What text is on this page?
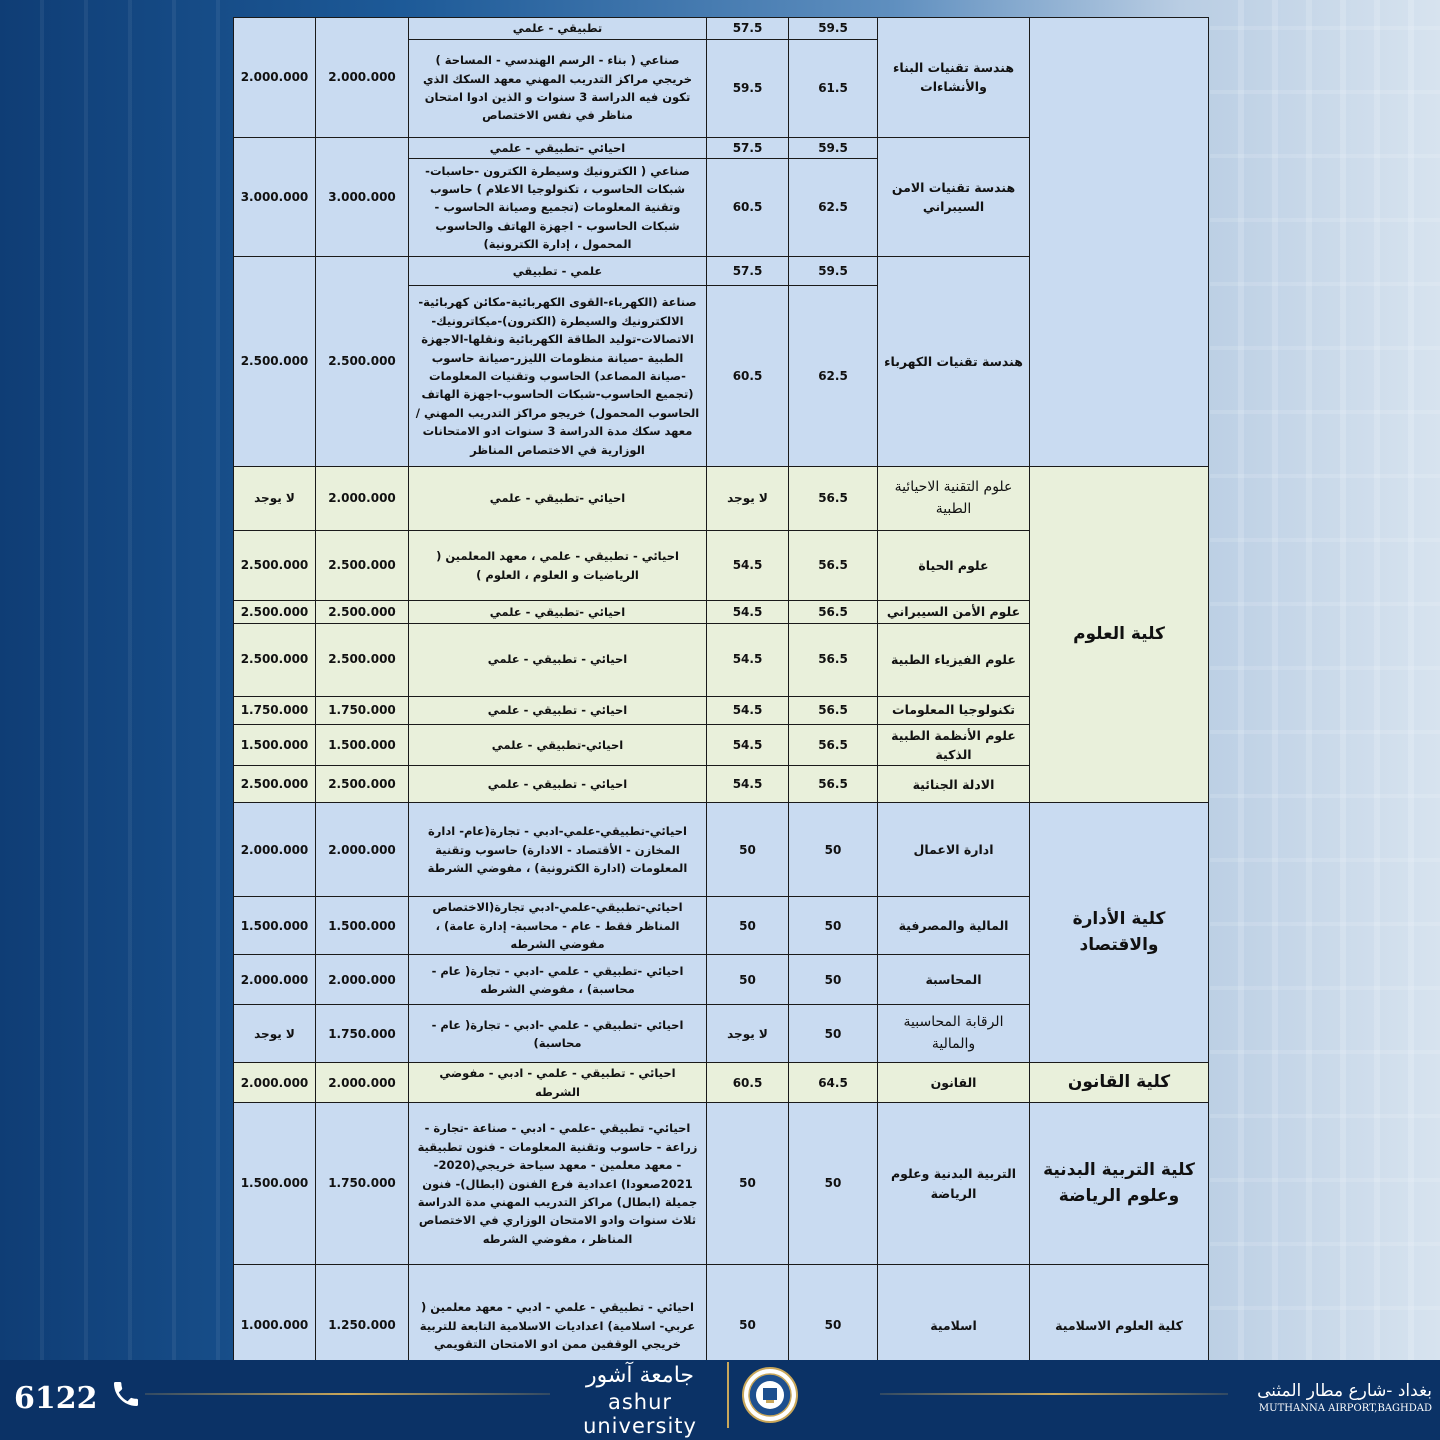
2.000.000	2.000.000	تطبيقي - علمي	57.5	59.5	هندسة تقنيات البناء والأنشاءات	
		صناعي ( بناء - الرسم الهندسي - المساحة ) خريجي مراكز التدريب المهني معهد السكك الذي تكون فيه الدراسة 3 سنوات و الذين ادوا امتحان مناظر في نفس الاختصاص	59.5	61.5		
3.000.000	3.000.000	احيائي -تطبيقي - علمي	57.5	59.5	هندسة تقنيات الامن السيبراني	
		صناعي ( الكترونيك وسيطرة الكترون -حاسبات-شبكات الحاسوب ، تكنولوجيا الاعلام ) حاسوب وتقنية المعلومات (تجميع وصيانة الحاسوب - شبكات الحاسوب - اجهزة الهاتف والحاسوب المحمول ، إدارة الكترونية)	60.5	62.5		
2.500.000	2.500.000	علمي - تطبيقي	57.5	59.5	هندسة تقنيات الكهرباء	
		صناعة (الكهرباء-القوى الكهربائية-مكائن كهربائية-الالكترونيك والسيطرة (الكترون)-ميكاترونيك-الاتصالات-توليد الطاقة الكهربائية ونقلها-الاجهزة الطبية -صيانة منظومات الليزر-صيانة حاسوب -صيانة المصاعد) الحاسوب وتقنيات المعلومات (تجميع الحاسوب-شبكات الحاسوب-اجهزة الهاتف الحاسوب المحمول) خريجو مراكز التدريب المهني /معهد سكك مدة الدراسة 3 سنوات ادو الامتحانات الوزارية في الاختصاص المناظر	60.5	62.5		
لا يوجد	2.000.000	احيائي -تطبيقي - علمي	لا يوجد	56.5	علوم التقنية الاحيائية الطبية	كلية العلوم
2.500.000	2.500.000	احيائي - تطبيقي - علمي ، معهد المعلمين ( الرياضيات و العلوم ، العلوم )	54.5	56.5	علوم الحياة	
2.500.000	2.500.000	احيائي -تطبيقي - علمي	54.5	56.5	علوم الأمن السيبراني	
2.500.000	2.500.000	احيائي - تطبيقي - علمي	54.5	56.5	علوم الفيزياء الطبية	
1.750.000	1.750.000	احيائي - تطبيقي - علمي	54.5	56.5	تكنولوجيا المعلومات	
1.500.000	1.500.000	احيائي-تطبيقي - علمي	54.5	56.5	علوم الأنظمة الطبية الذكية	
2.500.000	2.500.000	احيائي - تطبيقي - علمي	54.5	56.5	الادلة الجنائية	
2.000.000	2.000.000	احيائي-تطبيقي-علمي-ادبي - تجارة(عام- ادارة المخازن - الأقتصاد - الادارة) حاسوب وتقنية المعلومات (ادارة الكترونية) ، مفوضي الشرطة	50	50	ادارة الاعمال	كلية الأدارة والاقتصاد
1.500.000	1.500.000	احيائي-تطبيقي-علمي-ادبي تجارة(الاختصاص المناظر فقط - عام - محاسبة- إدارة عامة) ، مفوضي الشرطه	50	50	المالية والمصرفية	
2.000.000	2.000.000	احيائي -تطبيقي - علمي -ادبي - تجارة( عام - محاسبة) ، مفوضي الشرطه	50	50	المحاسبة	
لا يوجد	1.750.000	احيائي -تطبيقي - علمي -ادبي - تجارة( عام - محاسبة)	لا يوجد	50	الرقابة المحاسبية والمالية	
2.000.000	2.000.000	احيائي - تطبيقي - علمي - ادبي - مفوضي الشرطه	60.5	64.5	القانون	كلية القانون
1.500.000	1.750.000	احيائي- تطبيقي -علمي - ادبي - صناعة -تجارة - زراعة - حاسوب وتقنية المعلومات - فنون تطبيقية - معهد معلمين - معهد سياحة خريجي(2020-2021صعودا) اعدادية فرع الفنون (ابطال)- فنون جميلة (ابطال) مراكز التدريب المهني مدة الدراسة ثلاث سنوات وادو الامتحان الوزاري في الاختصاص المناظر ، مفوضي الشرطه	50	50	التربية البدنية وعلوم الرياضة	كلية التربية البدنية وعلوم الرياضة
1.000.000	1.250.000	احيائي - تطبيقي - علمي - ادبي - معهد معلمين ( عربي- اسلامية) اعداديات الاسلامية التابعة للتربية خريجي الوقفين ممن ادو الامتحان التقويمي	50	50	اسلامية	كلية العلوم الاسلامية
6122
جامعة آشور
ashur university
بغداد -شارع مطار المثنى
MUTHANNA AIRPORT,BAGHDAD
